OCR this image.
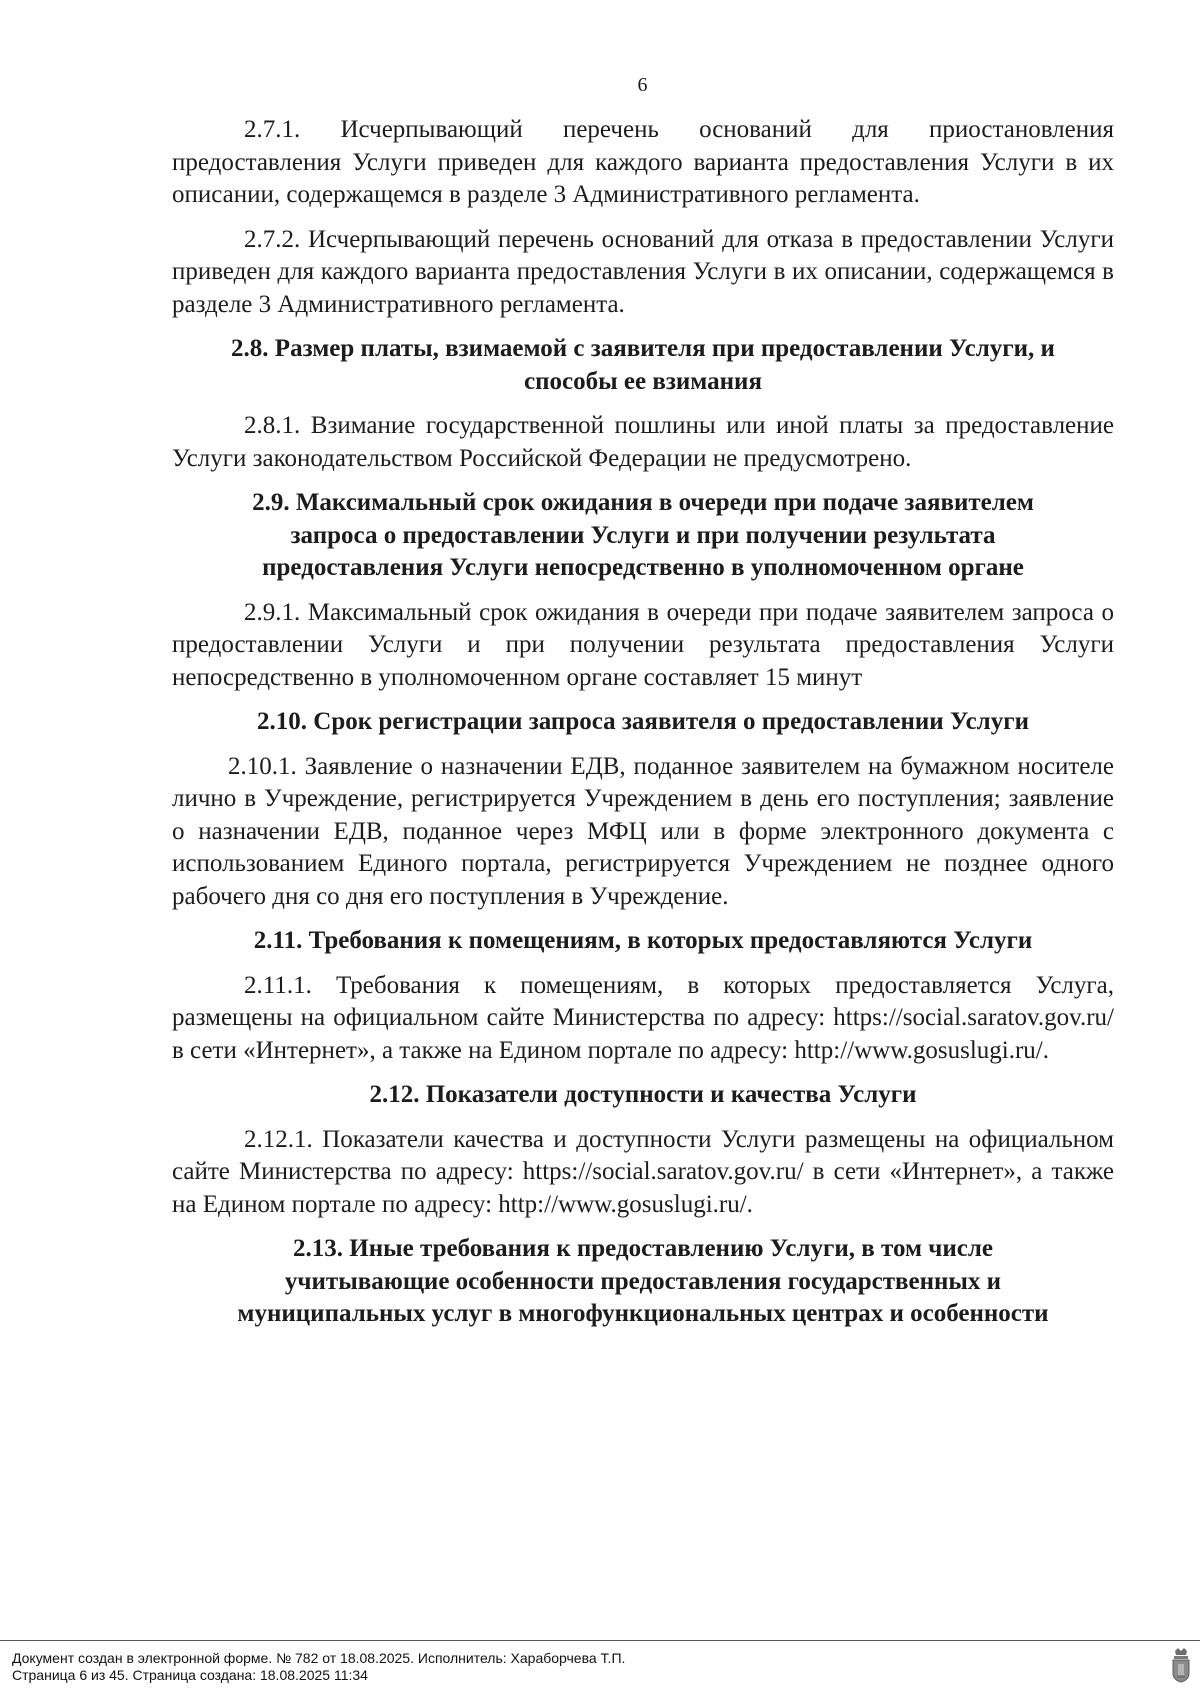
6

2.7.1. Исчерпывающий перечень оснований для приостановления предоставления Услуги приведен для каждого варианта предоставления Услуги в их описании, содержащемся в разделе 3 Административного регламента.

2.7.2. Исчерпывающий перечень оснований для отказа в предоставлении Услуги приведен для каждого варианта предоставления Услуги в их описании, содержащемся в разделе 3 Административного регламента.

2.8. Размер платы, взимаемой с заявителя при предоставлении Услуги, и
способы ее взимания

2.8.1. Взимание государственной пошлины или иной платы за предоставление Услуги законодательством Российской Федерации не предусмотрено.

2.9. Максимальный срок ожидания в очереди при подаче заявителем
запроса о предоставлении Услуги и при получении результата
предоставления Услуги непосредственно в уполномоченном органе

2.9.1. Максимальный срок ожидания в очереди при подаче заявителем запроса о предоставлении Услуги и при получении результата предоставления Услуги непосредственно в уполномоченном органе составляет 15 минут

2.10. Срок регистрации запроса заявителя о предоставлении Услуги

2.10.1. Заявление о назначении ЕДВ, поданное заявителем на бумажном носителе лично в Учреждение, регистрируется Учреждением в день его поступления; заявление о назначении ЕДВ, поданное через МФЦ или в форме электронного документа с использованием Единого портала, регистрируется Учреждением не позднее одного рабочего дня со дня его поступления в Учреждение.

2.11. Требования к помещениям, в которых предоставляются Услуги

2.11.1. Требования к помещениям, в которых предоставляется Услуга, размещены на официальном сайте Министерства по адресу: https://social.saratov.gov.ru/ в сети «Интернет», а также на Едином портале по адресу: http://www.gosuslugi.ru/.

2.12. Показатели доступности и качества Услуги

2.12.1. Показатели качества и доступности Услуги размещены на официальном сайте Министерства по адресу: https://social.saratov.gov.ru/ в сети «Интернет», а также на Едином портале по адресу: http://www.gosuslugi.ru/.

2.13. Иные требования к предоставлению Услуги, в том числе
учитывающие особенности предоставления государственных и
муниципальных услуг в многофункциональных центрах и особенности
Документ создан в электронной форме. № 782 от 18.08.2025. Исполнитель: Хараборчева Т.П.
Страница 6 из 45. Страница создана: 18.08.2025 11:34
